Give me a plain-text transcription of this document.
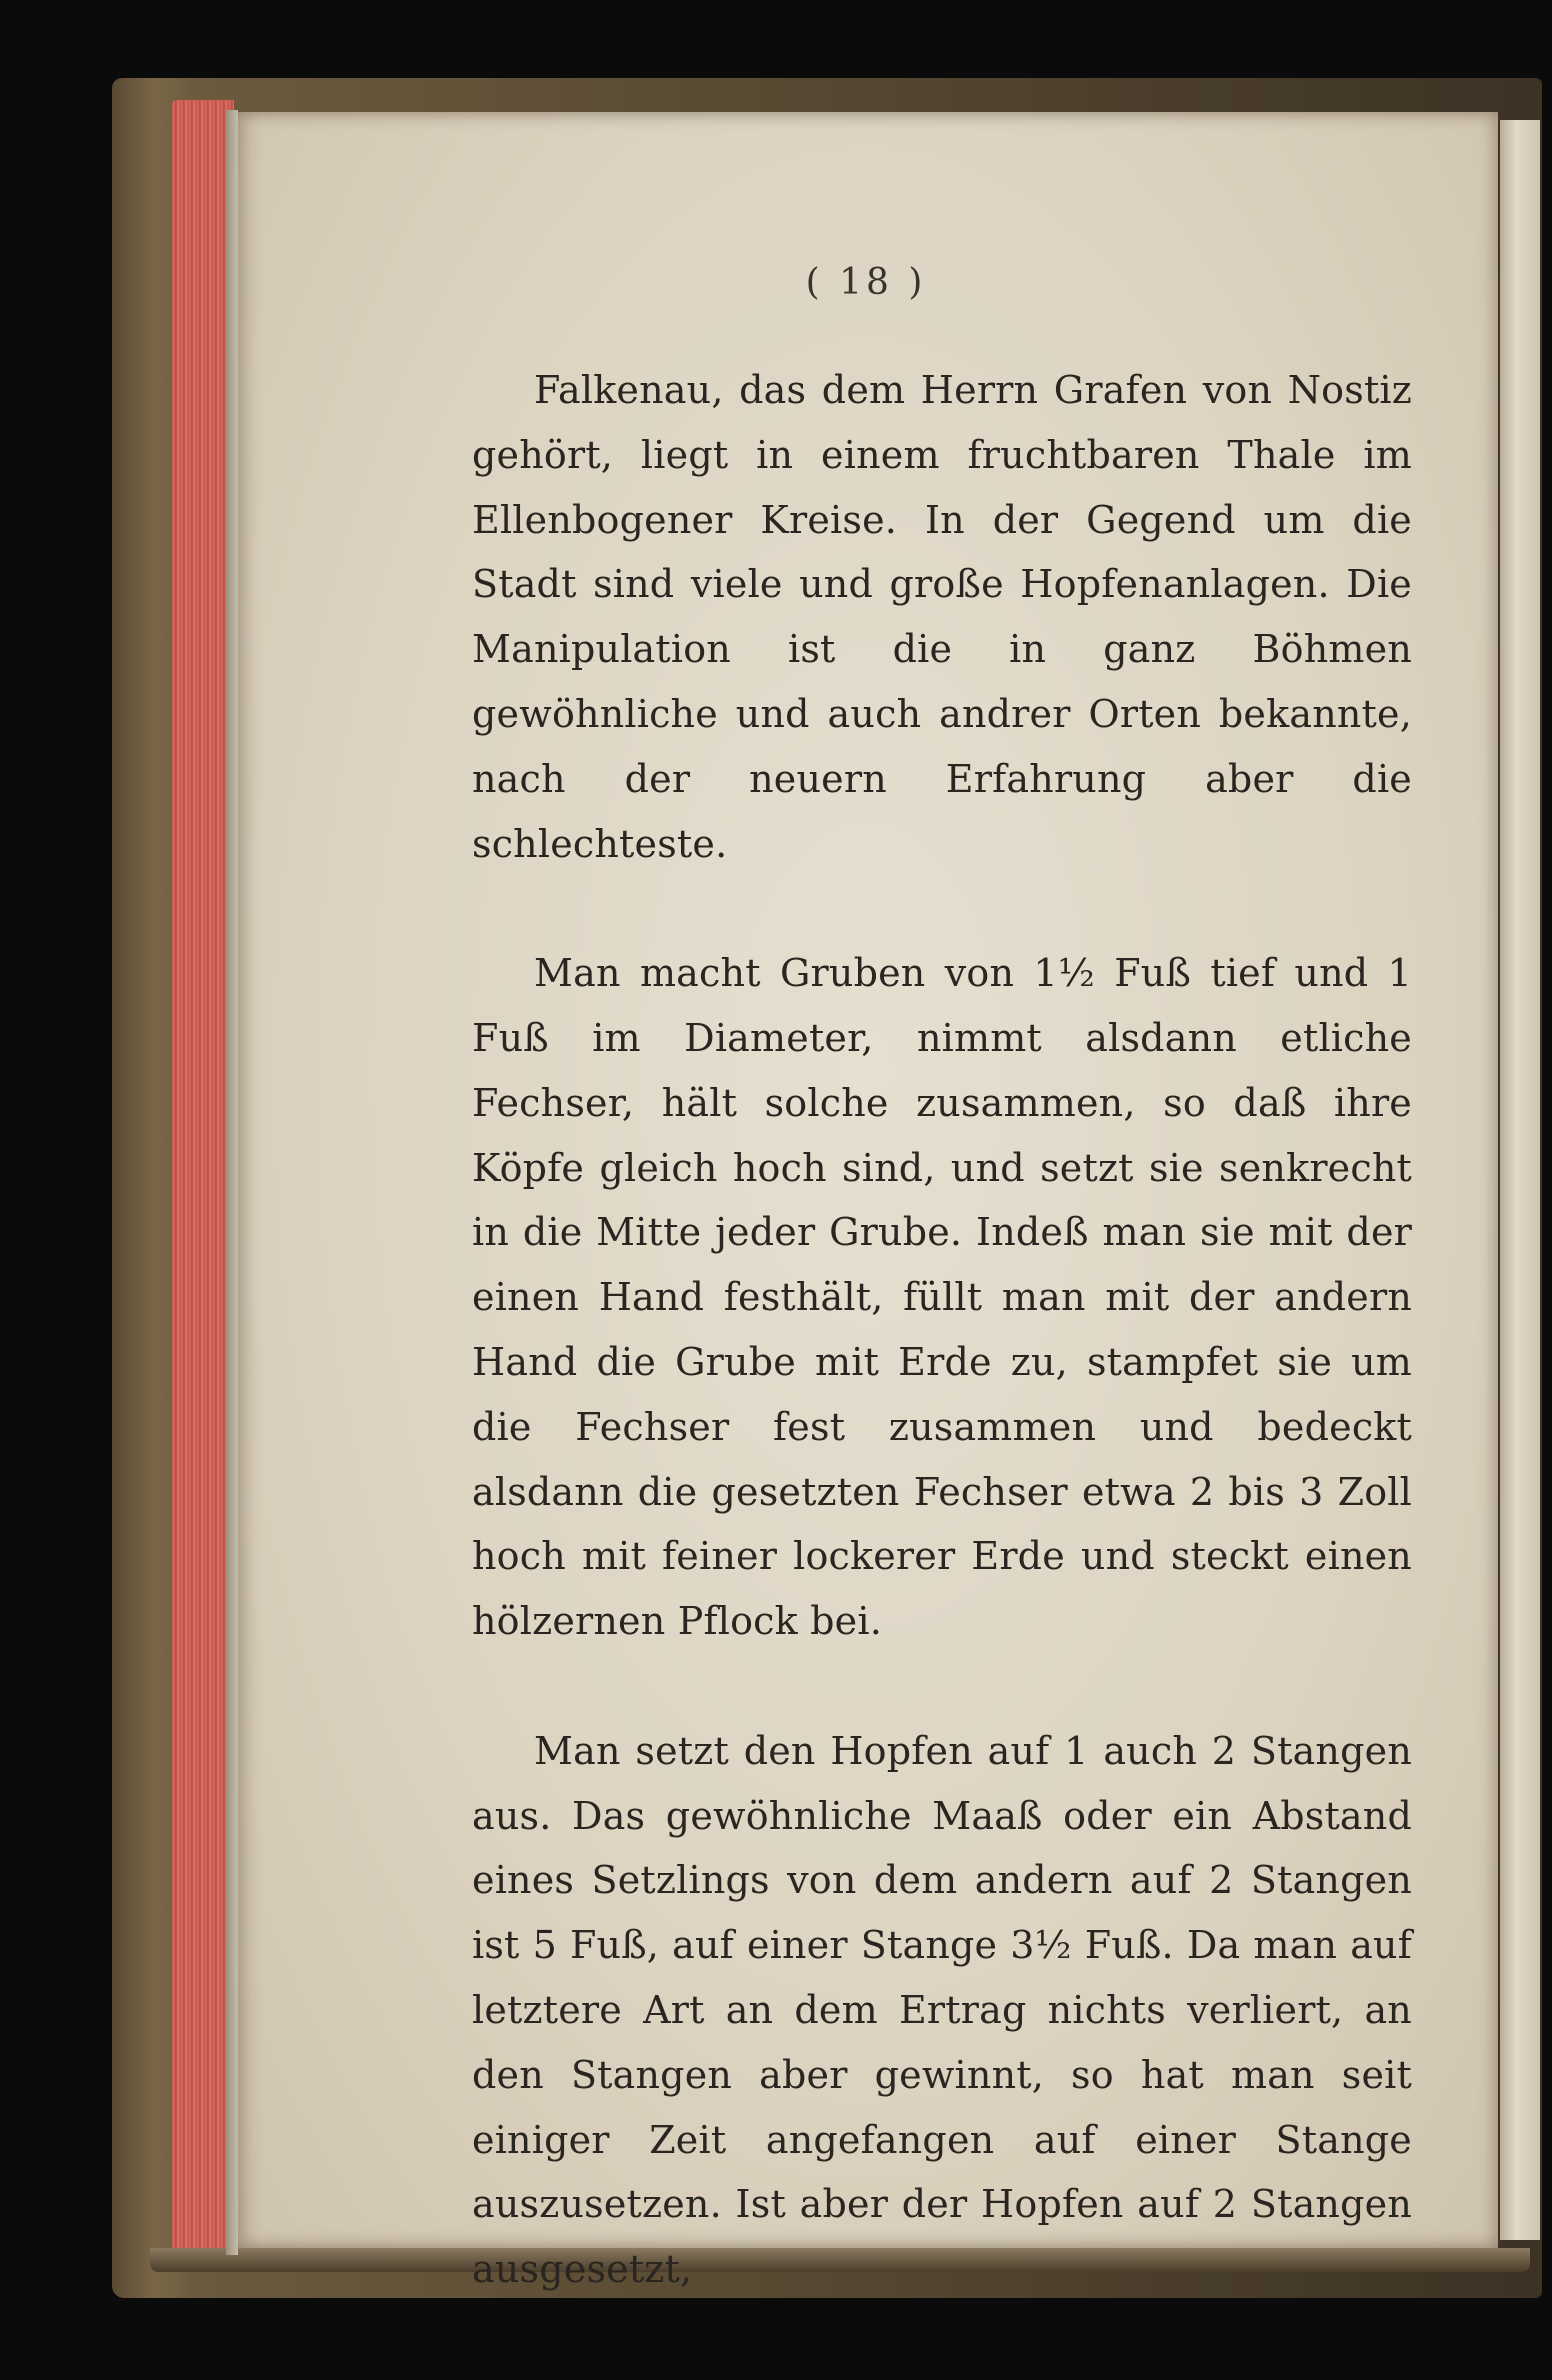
( 18 )

Falkenau, das dem Herrn Grafen von Nostiz gehört, liegt in einem fruchtbaren Thale im Ellenbogener Kreise. In der Gegend um die Stadt sind viele und große Hopfenanlagen. Die Manipulation ist die in ganz Böhmen gewöhnliche und auch andrer Orten bekannte, nach der neuern Erfahrung aber die schlechteste.

Man macht Gruben von 1½ Fuß tief und 1 Fuß im Diameter, nimmt alsdann etliche Fechser, hält solche zusammen, so daß ihre Köpfe gleich hoch sind, und setzt sie senkrecht in die Mitte jeder Grube. Indeß man sie mit der einen Hand festhält, füllt man mit der andern Hand die Grube mit Erde zu, stampfet sie um die Fechser fest zusammen und bedeckt alsdann die gesetzten Fechser etwa 2 bis 3 Zoll hoch mit feiner lockerer Erde und steckt einen hölzernen Pflock bei.

Man setzt den Hopfen auf 1 auch 2 Stangen aus. Das gewöhnliche Maaß oder ein Abstand eines Setzlings von dem andern auf 2 Stangen ist 5 Fuß, auf einer Stange 3½ Fuß. Da man auf letztere Art an dem Ertrag nichts verliert, an den Stangen aber gewinnt, so hat man seit einiger Zeit angefangen auf einer Stange auszusetzen. Ist aber der Hopfen auf 2 Stangen ausgesetzt,
